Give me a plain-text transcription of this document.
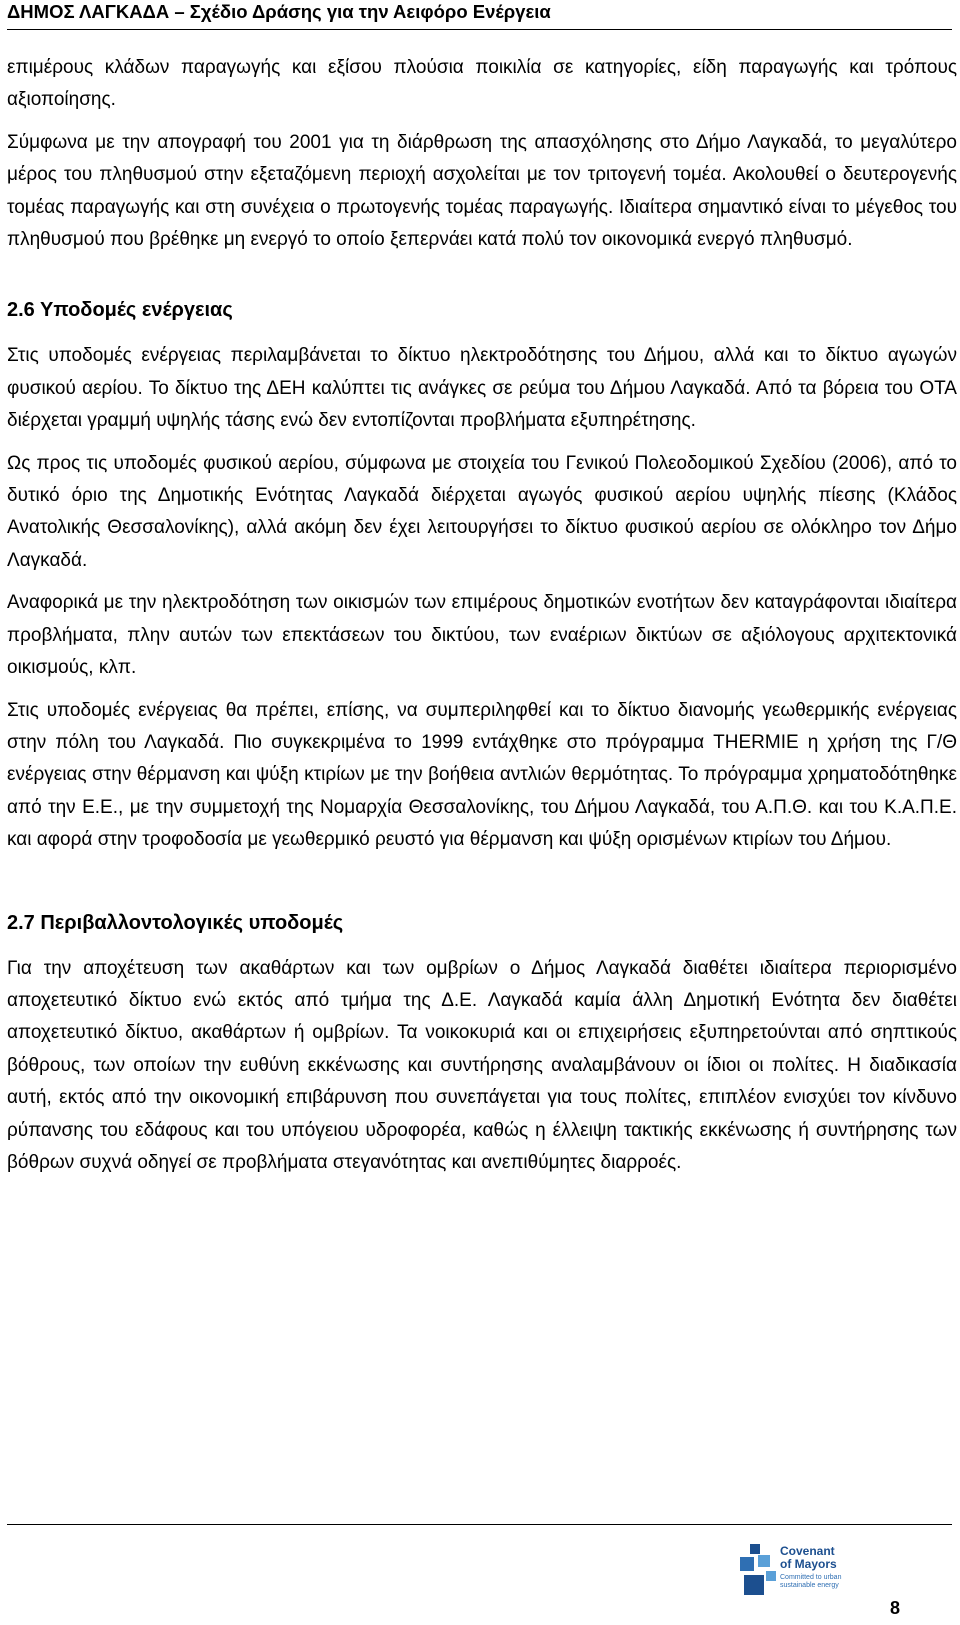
ΔΗΜΟΣ ΛΑΓΚΑΔΑ – Σχέδιο Δράσης για την Αειφόρο Ενέργεια

επιμέρους κλάδων παραγωγής και εξίσου πλούσια ποικιλία σε κατηγορίες, είδη παραγωγής και τρόπους αξιοποίησης.

Σύμφωνα με την απογραφή του 2001 για τη διάρθρωση της απασχόλησης στο Δήμο Λαγκαδά, το μεγαλύτερο μέρος του πληθυσμού στην εξεταζόμενη περιοχή ασχολείται με τον τριτογενή τομέα. Ακολουθεί ο δευτερογενής τομέας παραγωγής και στη συνέχεια ο πρωτογενής τομέας παραγωγής. Ιδιαίτερα σημαντικό είναι το μέγεθος του πληθυσμού που βρέθηκε μη ενεργό το οποίο ξεπερνάει κατά πολύ τον οικονομικά ενεργό πληθυσμό.

2.6 Υποδομές ενέργειας

Στις υποδομές ενέργειας περιλαμβάνεται το δίκτυο ηλεκτροδότησης του Δήμου, αλλά και το δίκτυο αγωγών φυσικού αερίου. Το δίκτυο της ΔΕΗ καλύπτει τις ανάγκες σε ρεύμα του Δήμου Λαγκαδά. Από τα βόρεια του ΟΤΑ διέρχεται γραμμή υψηλής τάσης ενώ δεν εντοπίζονται προβλήματα εξυπηρέτησης.

Ως προς τις υποδομές φυσικού αερίου, σύμφωνα με στοιχεία του Γενικού Πολεοδομικού Σχεδίου (2006), από το δυτικό όριο της Δημοτικής Ενότητας Λαγκαδά διέρχεται αγωγός φυσικού αερίου υψηλής πίεσης (Κλάδος Ανατολικής Θεσσαλονίκης), αλλά ακόμη δεν έχει λειτουργήσει το δίκτυο φυσικού αερίου σε ολόκληρο τον Δήμο Λαγκαδά.

Αναφορικά με την ηλεκτροδότηση των οικισμών των επιμέρους δημοτικών ενοτήτων δεν καταγράφονται ιδιαίτερα προβλήματα, πλην αυτών των επεκτάσεων του δικτύου, των εναέριων δικτύων σε αξιόλογους αρχιτεκτονικά οικισμούς, κλπ.

Στις υποδομές ενέργειας θα πρέπει, επίσης, να συμπεριληφθεί και το δίκτυο διανομής γεωθερμικής ενέργειας στην πόλη του Λαγκαδά. Πιο συγκεκριμένα το 1999 εντάχθηκε στο πρόγραμμα THERMIE η χρήση της Γ/Θ ενέργειας στην θέρμανση και ψύξη κτιρίων με την βοήθεια αντλιών θερμότητας. Το πρόγραμμα χρηματοδότηθηκε από την Ε.Ε., με την συμμετοχή της Νομαρχία Θεσσαλονίκης, του Δήμου Λαγκαδά, του Α.Π.Θ. και του Κ.Α.Π.Ε. και αφορά στην τροφοδοσία με γεωθερμικό ρευστό για θέρμανση και ψύξη ορισμένων κτιρίων του Δήμου.

2.7 Περιβαλλοντολογικές υποδομές

Για την αποχέτευση των ακαθάρτων και των ομβρίων ο Δήμος Λαγκαδά διαθέτει ιδιαίτερα περιορισμένο αποχετευτικό δίκτυο ενώ εκτός από τμήμα της Δ.Ε. Λαγκαδά καμία άλλη Δημοτική Ενότητα δεν διαθέτει αποχετευτικό δίκτυο, ακαθάρτων ή ομβρίων. Τα νοικοκυριά και οι επιχειρήσεις εξυπηρετούνται από σηπτικούς βόθρους, των οποίων την ευθύνη εκκένωσης και συντήρησης αναλαμβάνουν οι ίδιοι οι πολίτες. Η διαδικασία αυτή, εκτός από την οικονομική επιβάρυνση που συνεπάγεται για τους πολίτες, επιπλέον ενισχύει τον κίνδυνο ρύπανσης του εδάφους και του υπόγειου υδροφορέα, καθώς η έλλειψη τακτικής εκκένωσης ή συντήρησης των βόθρων συχνά οδηγεί σε προβλήματα στεγανότητας και ανεπιθύμητες διαρροές.

Covenant
of Mayors
Committed to urban sustainable energy
8
